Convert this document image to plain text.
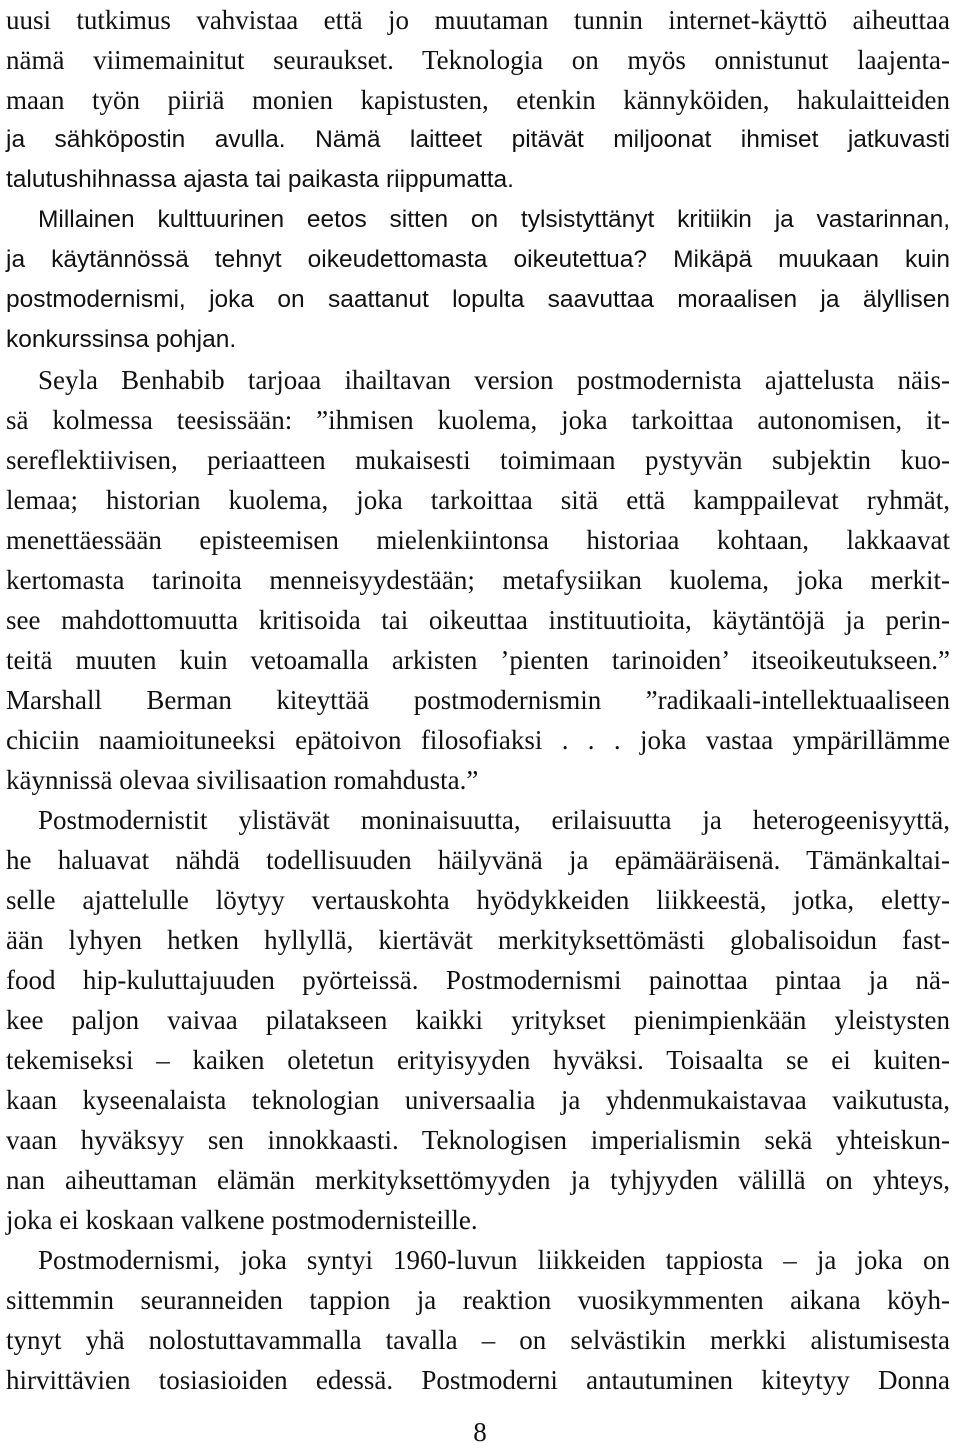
uusi tutkimus vahvistaa että jo muutaman tunnin internet-käyttö aiheuttaa
nämä viimemainitut seuraukset. Teknologia on myös onnistunut laajenta-
maan työn piiriä monien kapistusten, etenkin kännyköiden, hakulaitteiden
ja sähköpostin avulla. Nämä laitteet pitävät miljoonat ihmiset jatkuvasti
talutushihnassa ajasta tai paikasta riippumatta.
Millainen kulttuurinen eetos sitten on tylsistyttänyt kritiikin ja vastarinnan,
ja käytännössä tehnyt oikeudettomasta oikeutettua? Mikäpä muukaan kuin
postmodernismi, joka on saattanut lopulta saavuttaa moraalisen ja älyllisen
konkurssinsa pohjan.
Seyla Benhabib tarjoaa ihailtavan version postmodernista ajattelusta näis-
sä kolmessa teesissään: ”ihmisen kuolema, joka tarkoittaa autonomisen, it-
sereflektiivisen, periaatteen mukaisesti toimimaan pystyvän subjektin kuo-
lemaa; historian kuolema, joka tarkoittaa sitä että kamppailevat ryhmät,
menettäessään episteemisen mielenkiintonsa historiaa kohtaan, lakkaavat
kertomasta tarinoita menneisyydestään; metafysiikan kuolema, joka merkit-
see mahdottomuutta kritisoida tai oikeuttaa instituutioita, käytäntöjä ja perin-
teitä muuten kuin vetoamalla arkisten ’pienten tarinoiden’ itseoikeutukseen.”
Marshall Berman kiteyttää postmodernismin ”radikaali-intellektuaaliseen
chiciin naamioituneeksi epätoivon filosofiaksi . . . joka vastaa ympärillämme
käynnissä olevaa sivilisaation romahdusta.”
Postmodernistit ylistävät moninaisuutta, erilaisuutta ja heterogeenisyyttä,
he haluavat nähdä todellisuuden häilyvänä ja epämääräisenä. Tämänkaltai-
selle ajattelulle löytyy vertauskohta hyödykkeiden liikkeestä, jotka, eletty-
ään lyhyen hetken hyllyllä, kiertävät merkityksettömästi globalisoidun fast-
food hip-kuluttajuuden pyörteissä. Postmodernismi painottaa pintaa ja nä-
kee paljon vaivaa pilatakseen kaikki yritykset pienimpienkään yleistysten
tekemiseksi – kaiken oletetun erityisyyden hyväksi. Toisaalta se ei kuiten-
kaan kyseenalaista teknologian universaalia ja yhdenmukaistavaa vaikutusta,
vaan hyväksyy sen innokkaasti. Teknologisen imperialismin sekä yhteiskun-
nan aiheuttaman elämän merkityksettömyyden ja tyhjyyden välillä on yhteys,
joka ei koskaan valkene postmodernisteille.
Postmodernismi, joka syntyi 1960-luvun liikkeiden tappiosta – ja joka on
sittemmin seuranneiden tappion ja reaktion vuosikymmenten aikana köyh-
tynyt yhä nolostuttavammalla tavalla – on selvästikin merkki alistumisesta
hirvittävien tosiasioiden edessä. Postmoderni antautuminen kiteytyy Donna
8
